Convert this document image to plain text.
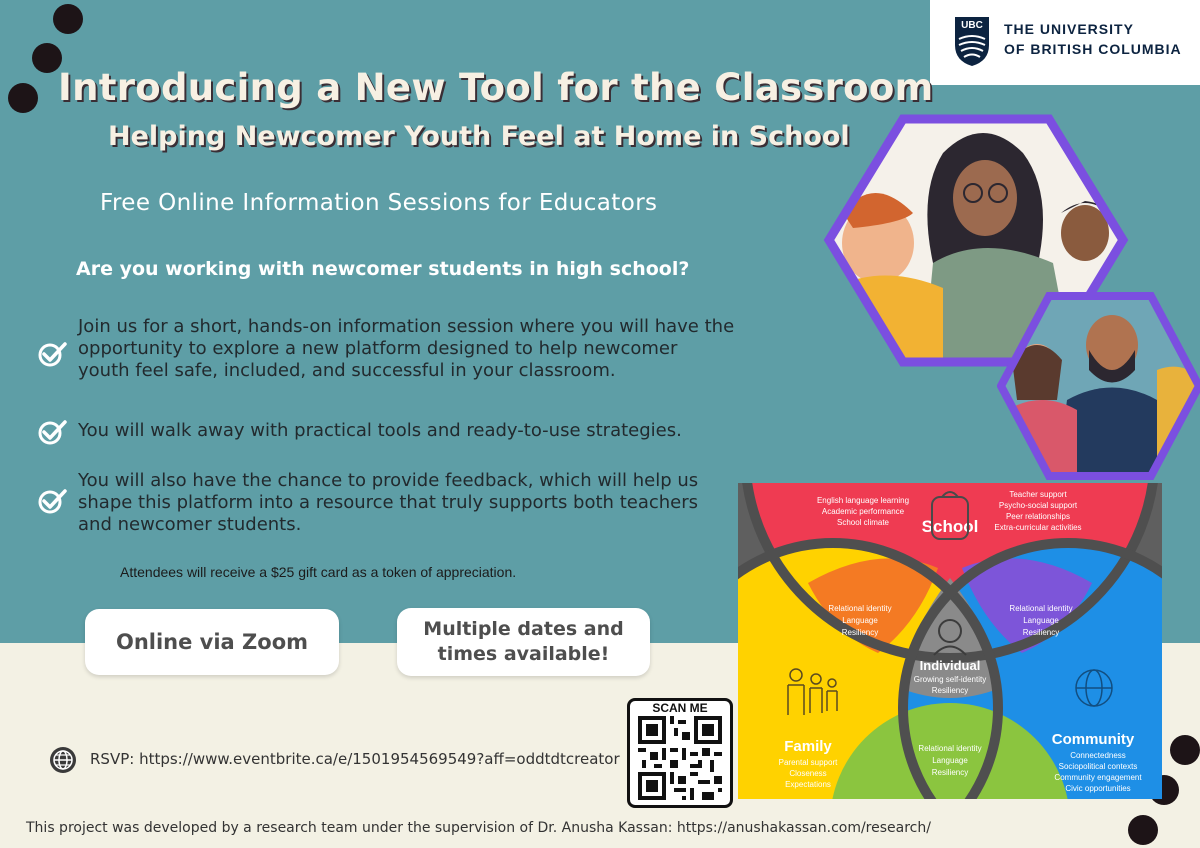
UBC THE UNIVERSITY
OF BRITISH COLUMBIA
Introducing a New Tool for the Classroom
Helping Newcomer Youth Feel at Home in School
Free Online Information Sessions for Educators
Are you working with newcomer students in high school?
Join us for a short, hands-on information session where you will have the
opportunity to explore a new platform designed to help newcomer
youth feel safe, included, and successful in your classroom.
You will walk away with practical tools and ready-to-use strategies.
You will also have the chance to provide feedback, which will help us
shape this platform into a resource that truly supports both teachers
and newcomer students.
Attendees will receive a $25 gift card as a token of appreciation.
Online via Zoom
Multiple dates and
times available!
SCAN ME
RSVP: https://www.eventbrite.ca/e/1501954569549?aff=oddtdtcreator
This project was developed by a research team under the supervision of Dr. Anusha Kassan: https://anushakassan.com/research/
English language learning
Academic performance
School climate
Teacher support
Psycho-social support
Peer relationships
Extra-curricular activities
School
Relational identity
Language
Resiliency
Relational identity
Language
Resiliency
Relational identity
Language
Resiliency
Individual
Growing self-identity
Resiliency
Family
Parental support
Closeness
Expectations
Community
Connectedness
Sociopolitical contexts
Community engagement
Civic opportunities
